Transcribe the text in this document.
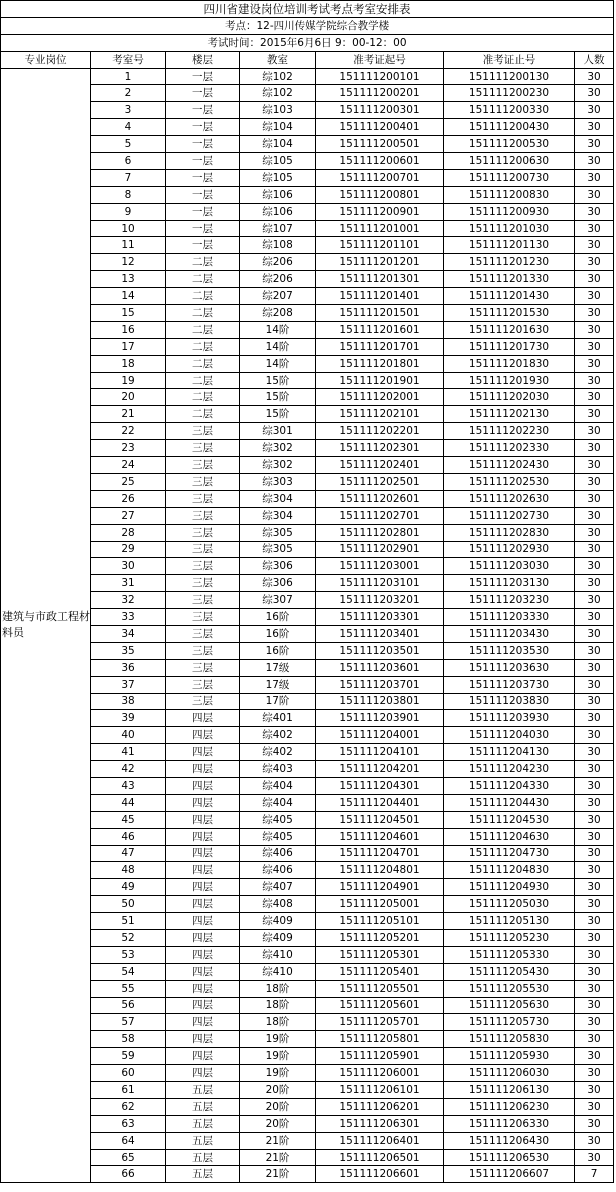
四川省建设岗位培训考试考点考室安排表						
考点：12-四川传媒学院综合教学楼						
考试时间：2015年6月6日 9：00-12：00						
专业岗位	考室号	楼层	教室	准考证起号	准考证止号	人数
建筑与市政工程材料员	1	一层	综102	151111200101	151111200130	30
	2	一层	综102	151111200201	151111200230	30
	3	一层	综103	151111200301	151111200330	30
	4	一层	综104	151111200401	151111200430	30
	5	一层	综104	151111200501	151111200530	30
	6	一层	综105	151111200601	151111200630	30
	7	一层	综105	151111200701	151111200730	30
	8	一层	综106	151111200801	151111200830	30
	9	一层	综106	151111200901	151111200930	30
	10	一层	综107	151111201001	151111201030	30
	11	一层	综108	151111201101	151111201130	30
	12	二层	综206	151111201201	151111201230	30
	13	二层	综206	151111201301	151111201330	30
	14	二层	综207	151111201401	151111201430	30
	15	二层	综208	151111201501	151111201530	30
	16	二层	14阶	151111201601	151111201630	30
	17	二层	14阶	151111201701	151111201730	30
	18	二层	14阶	151111201801	151111201830	30
	19	二层	15阶	151111201901	151111201930	30
	20	二层	15阶	151111202001	151111202030	30
	21	二层	15阶	151111202101	151111202130	30
	22	三层	综301	151111202201	151111202230	30
	23	三层	综302	151111202301	151111202330	30
	24	三层	综302	151111202401	151111202430	30
	25	三层	综303	151111202501	151111202530	30
	26	三层	综304	151111202601	151111202630	30
	27	三层	综304	151111202701	151111202730	30
	28	三层	综305	151111202801	151111202830	30
	29	三层	综305	151111202901	151111202930	30
	30	三层	综306	151111203001	151111203030	30
	31	三层	综306	151111203101	151111203130	30
	32	三层	综307	151111203201	151111203230	30
	33	三层	16阶	151111203301	151111203330	30
	34	三层	16阶	151111203401	151111203430	30
	35	三层	16阶	151111203501	151111203530	30
	36	三层	17级	151111203601	151111203630	30
	37	三层	17级	151111203701	151111203730	30
	38	三层	17阶	151111203801	151111203830	30
	39	四层	综401	151111203901	151111203930	30
	40	四层	综402	151111204001	151111204030	30
	41	四层	综402	151111204101	151111204130	30
	42	四层	综403	151111204201	151111204230	30
	43	四层	综404	151111204301	151111204330	30
	44	四层	综404	151111204401	151111204430	30
	45	四层	综405	151111204501	151111204530	30
	46	四层	综405	151111204601	151111204630	30
	47	四层	综406	151111204701	151111204730	30
	48	四层	综406	151111204801	151111204830	30
	49	四层	综407	151111204901	151111204930	30
	50	四层	综408	151111205001	151111205030	30
	51	四层	综409	151111205101	151111205130	30
	52	四层	综409	151111205201	151111205230	30
	53	四层	综410	151111205301	151111205330	30
	54	四层	综410	151111205401	151111205430	30
	55	四层	18阶	151111205501	151111205530	30
	56	四层	18阶	151111205601	151111205630	30
	57	四层	18阶	151111205701	151111205730	30
	58	四层	19阶	151111205801	151111205830	30
	59	四层	19阶	151111205901	151111205930	30
	60	四层	19阶	151111206001	151111206030	30
	61	五层	20阶	151111206101	151111206130	30
	62	五层	20阶	151111206201	151111206230	30
	63	五层	20阶	151111206301	151111206330	30
	64	五层	21阶	151111206401	151111206430	30
	65	五层	21阶	151111206501	151111206530	30
	66	五层	21阶	151111206601	151111206607	7
